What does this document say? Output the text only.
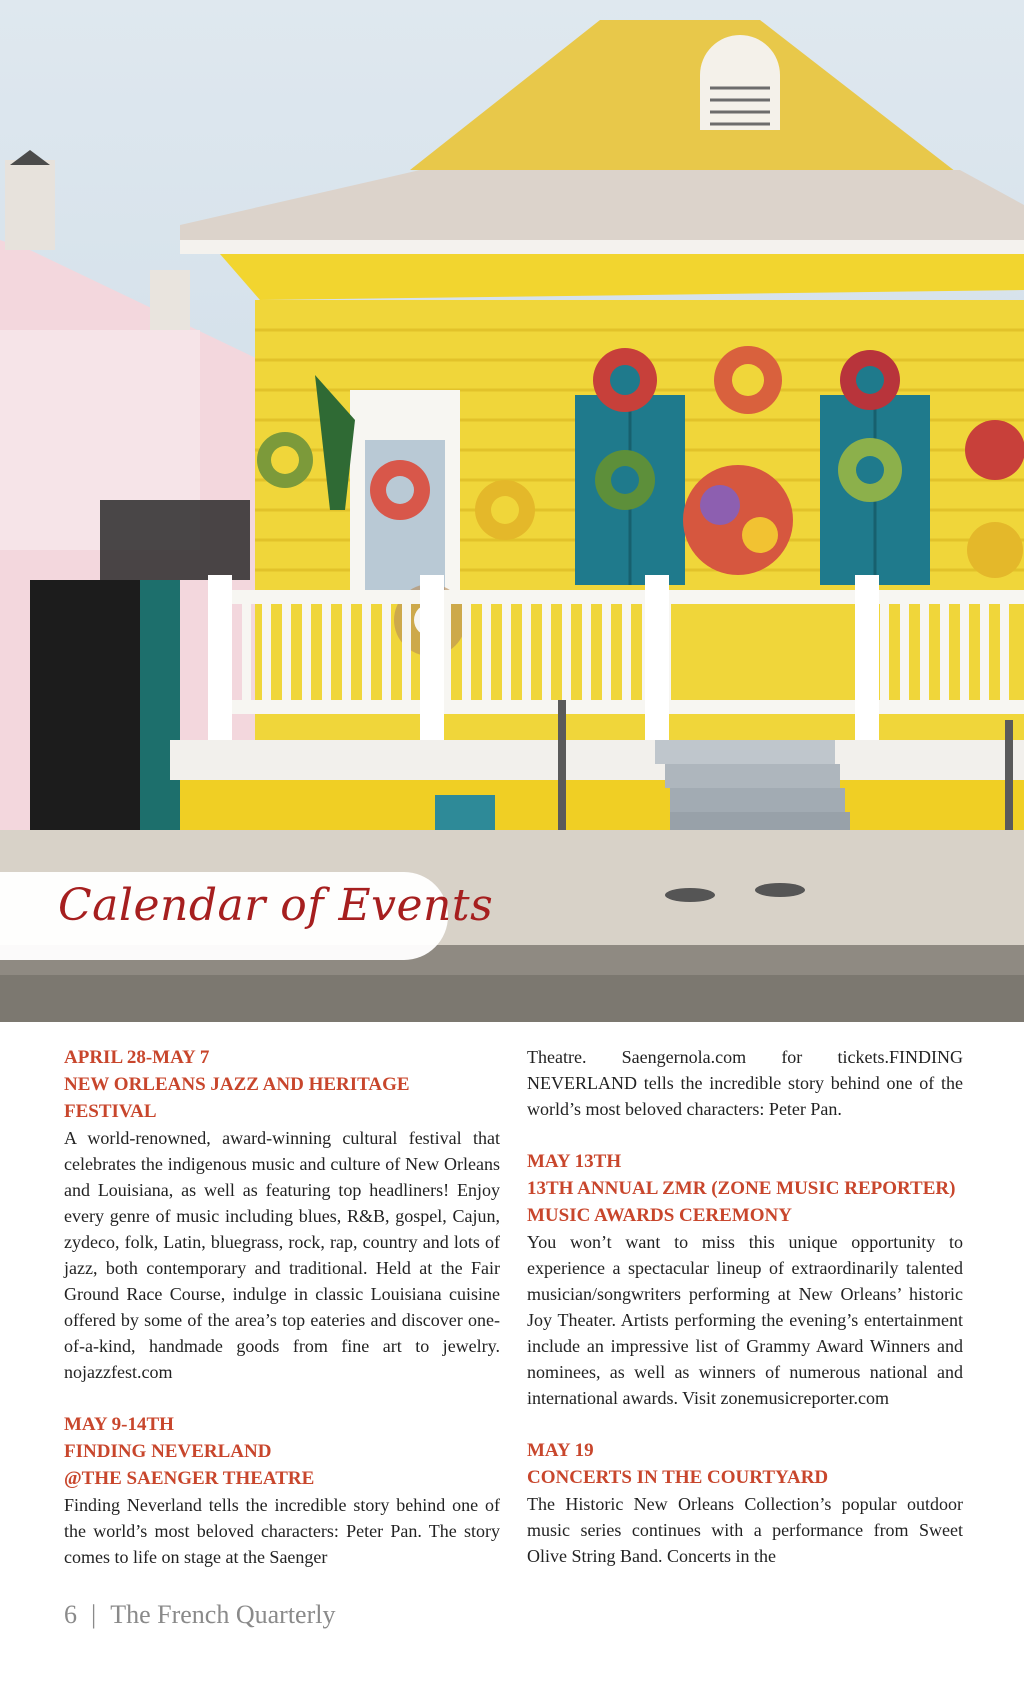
Calendar of Events
APRIL 28-MAY 7
NEW ORLEANS JAZZ AND HERITAGE FESTIVAL
A world-renowned, award-winning cultural festival that celebrates the indigenous music and culture of New Orleans and Louisiana, as well as featuring top headliners! Enjoy every genre of music including blues, R&B, gospel, Cajun, zydeco, folk, Latin, bluegrass, rock, rap, country and lots of jazz, both contemporary and traditional. Held at the Fair Ground Race Course, indulge in classic Louisiana cuisine offered by some of the area’s top eateries and discover one-of-a-kind, handmade goods from fine art to jewelry. nojazzfest.com
MAY 9-14TH
FINDING NEVERLAND
@THE SAENGER THEATRE
Finding Neverland tells the incredible story behind one of the world’s most beloved characters: Peter Pan. The story comes to life on stage at the Saenger
Theatre. Saengernola.com for tickets.FINDING NEVERLAND tells the incredible story behind one of the world’s most beloved characters: Peter Pan.
MAY 13TH
13TH ANNUAL ZMR (ZONE MUSIC REPORTER) MUSIC AWARDS CEREMONY
You won’t want to miss this unique opportunity to experience a spectacular lineup of extraordinarily talented musician/songwriters performing at New Orleans’ historic Joy Theater. Artists performing the evening’s entertainment include an impressive list of Grammy Award Winners and nominees, as well as winners of numerous national and international awards. Visit zonemusicreporter.com
MAY 19
CONCERTS IN THE COURTYARD
The Historic New Orleans Collection’s popular outdoor music series continues with a performance from Sweet Olive String Band. Concerts in the
6 | The French Quarterly
